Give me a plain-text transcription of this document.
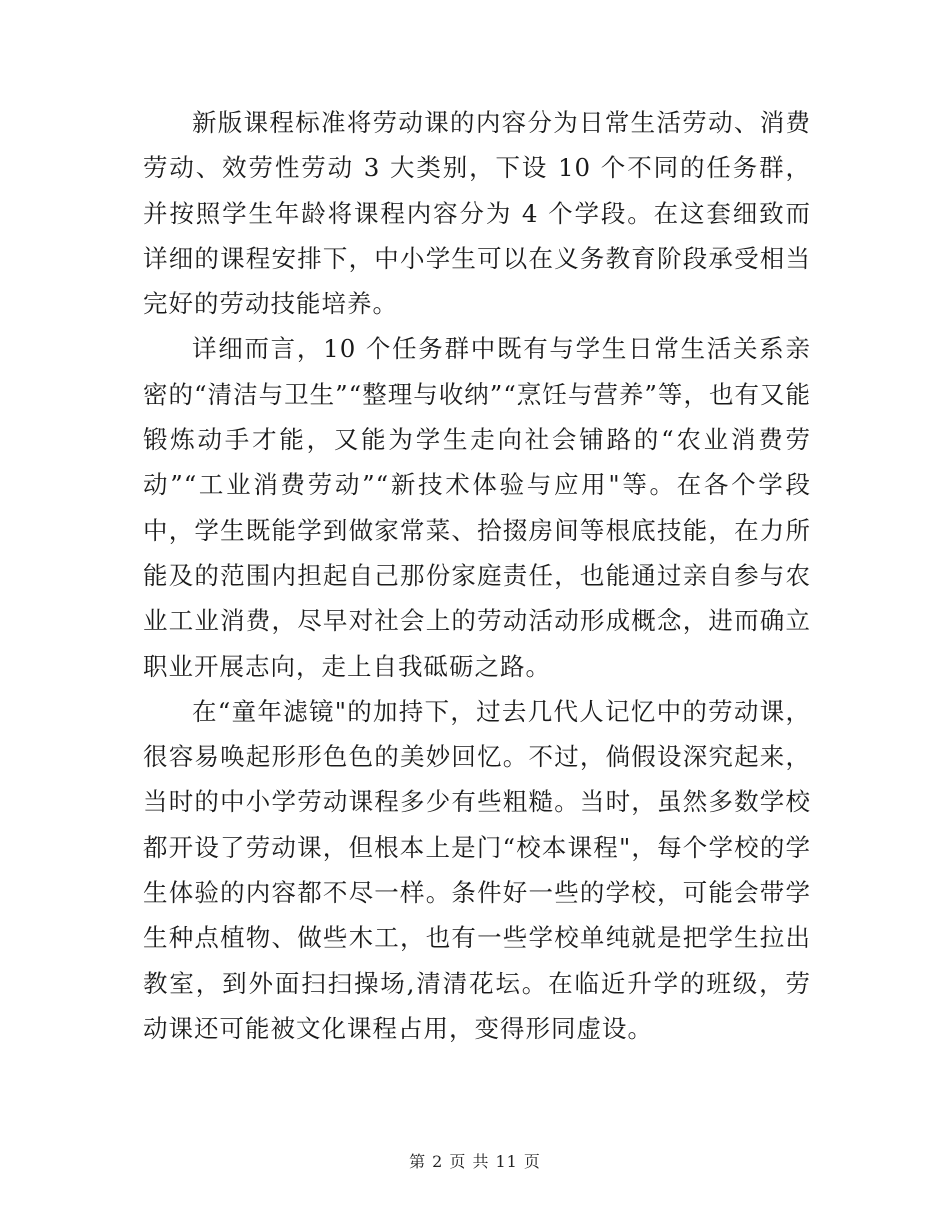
新版课程标准将劳动课的内容分为日常生活劳动、消费劳动、效劳性劳动 3 大类别，下设 10 个不同的任务群，并按照学生年龄将课程内容分为 4 个学段。在这套细致而详细的课程安排下，中小学生可以在义务教育阶段承受相当完好的劳动技能培养。

详细而言，10 个任务群中既有与学生日常生活关系亲密的“清洁与卫生”“整理与收纳”“烹饪与营养”等，也有又能锻炼动手才能，又能为学生走向社会铺路的“农业消费劳动”“工业消费劳动”“新技术体验与应用"等。在各个学段中，学生既能学到做家常菜、拾掇房间等根底技能，在力所能及的范围内担起自己那份家庭责任，也能通过亲自参与农业工业消费，尽早对社会上的劳动活动形成概念，进而确立职业开展志向，走上自我砥砺之路。

在“童年滤镜"的加持下，过去几代人记忆中的劳动课，很容易唤起形形色色的美妙回忆。不过，倘假设深究起来，当时的中小学劳动课程多少有些粗糙。当时，虽然多数学校都开设了劳动课，但根本上是门“校本课程"，每个学校的学生体验的内容都不尽一样。条件好一些的学校，可能会带学生种点植物、做些木工，也有一些学校单纯就是把学生拉出教室，到外面扫扫操场,清清花坛。在临近升学的班级，劳动课还可能被文化课程占用，变得形同虚设。

第 2 页 共 11 页
